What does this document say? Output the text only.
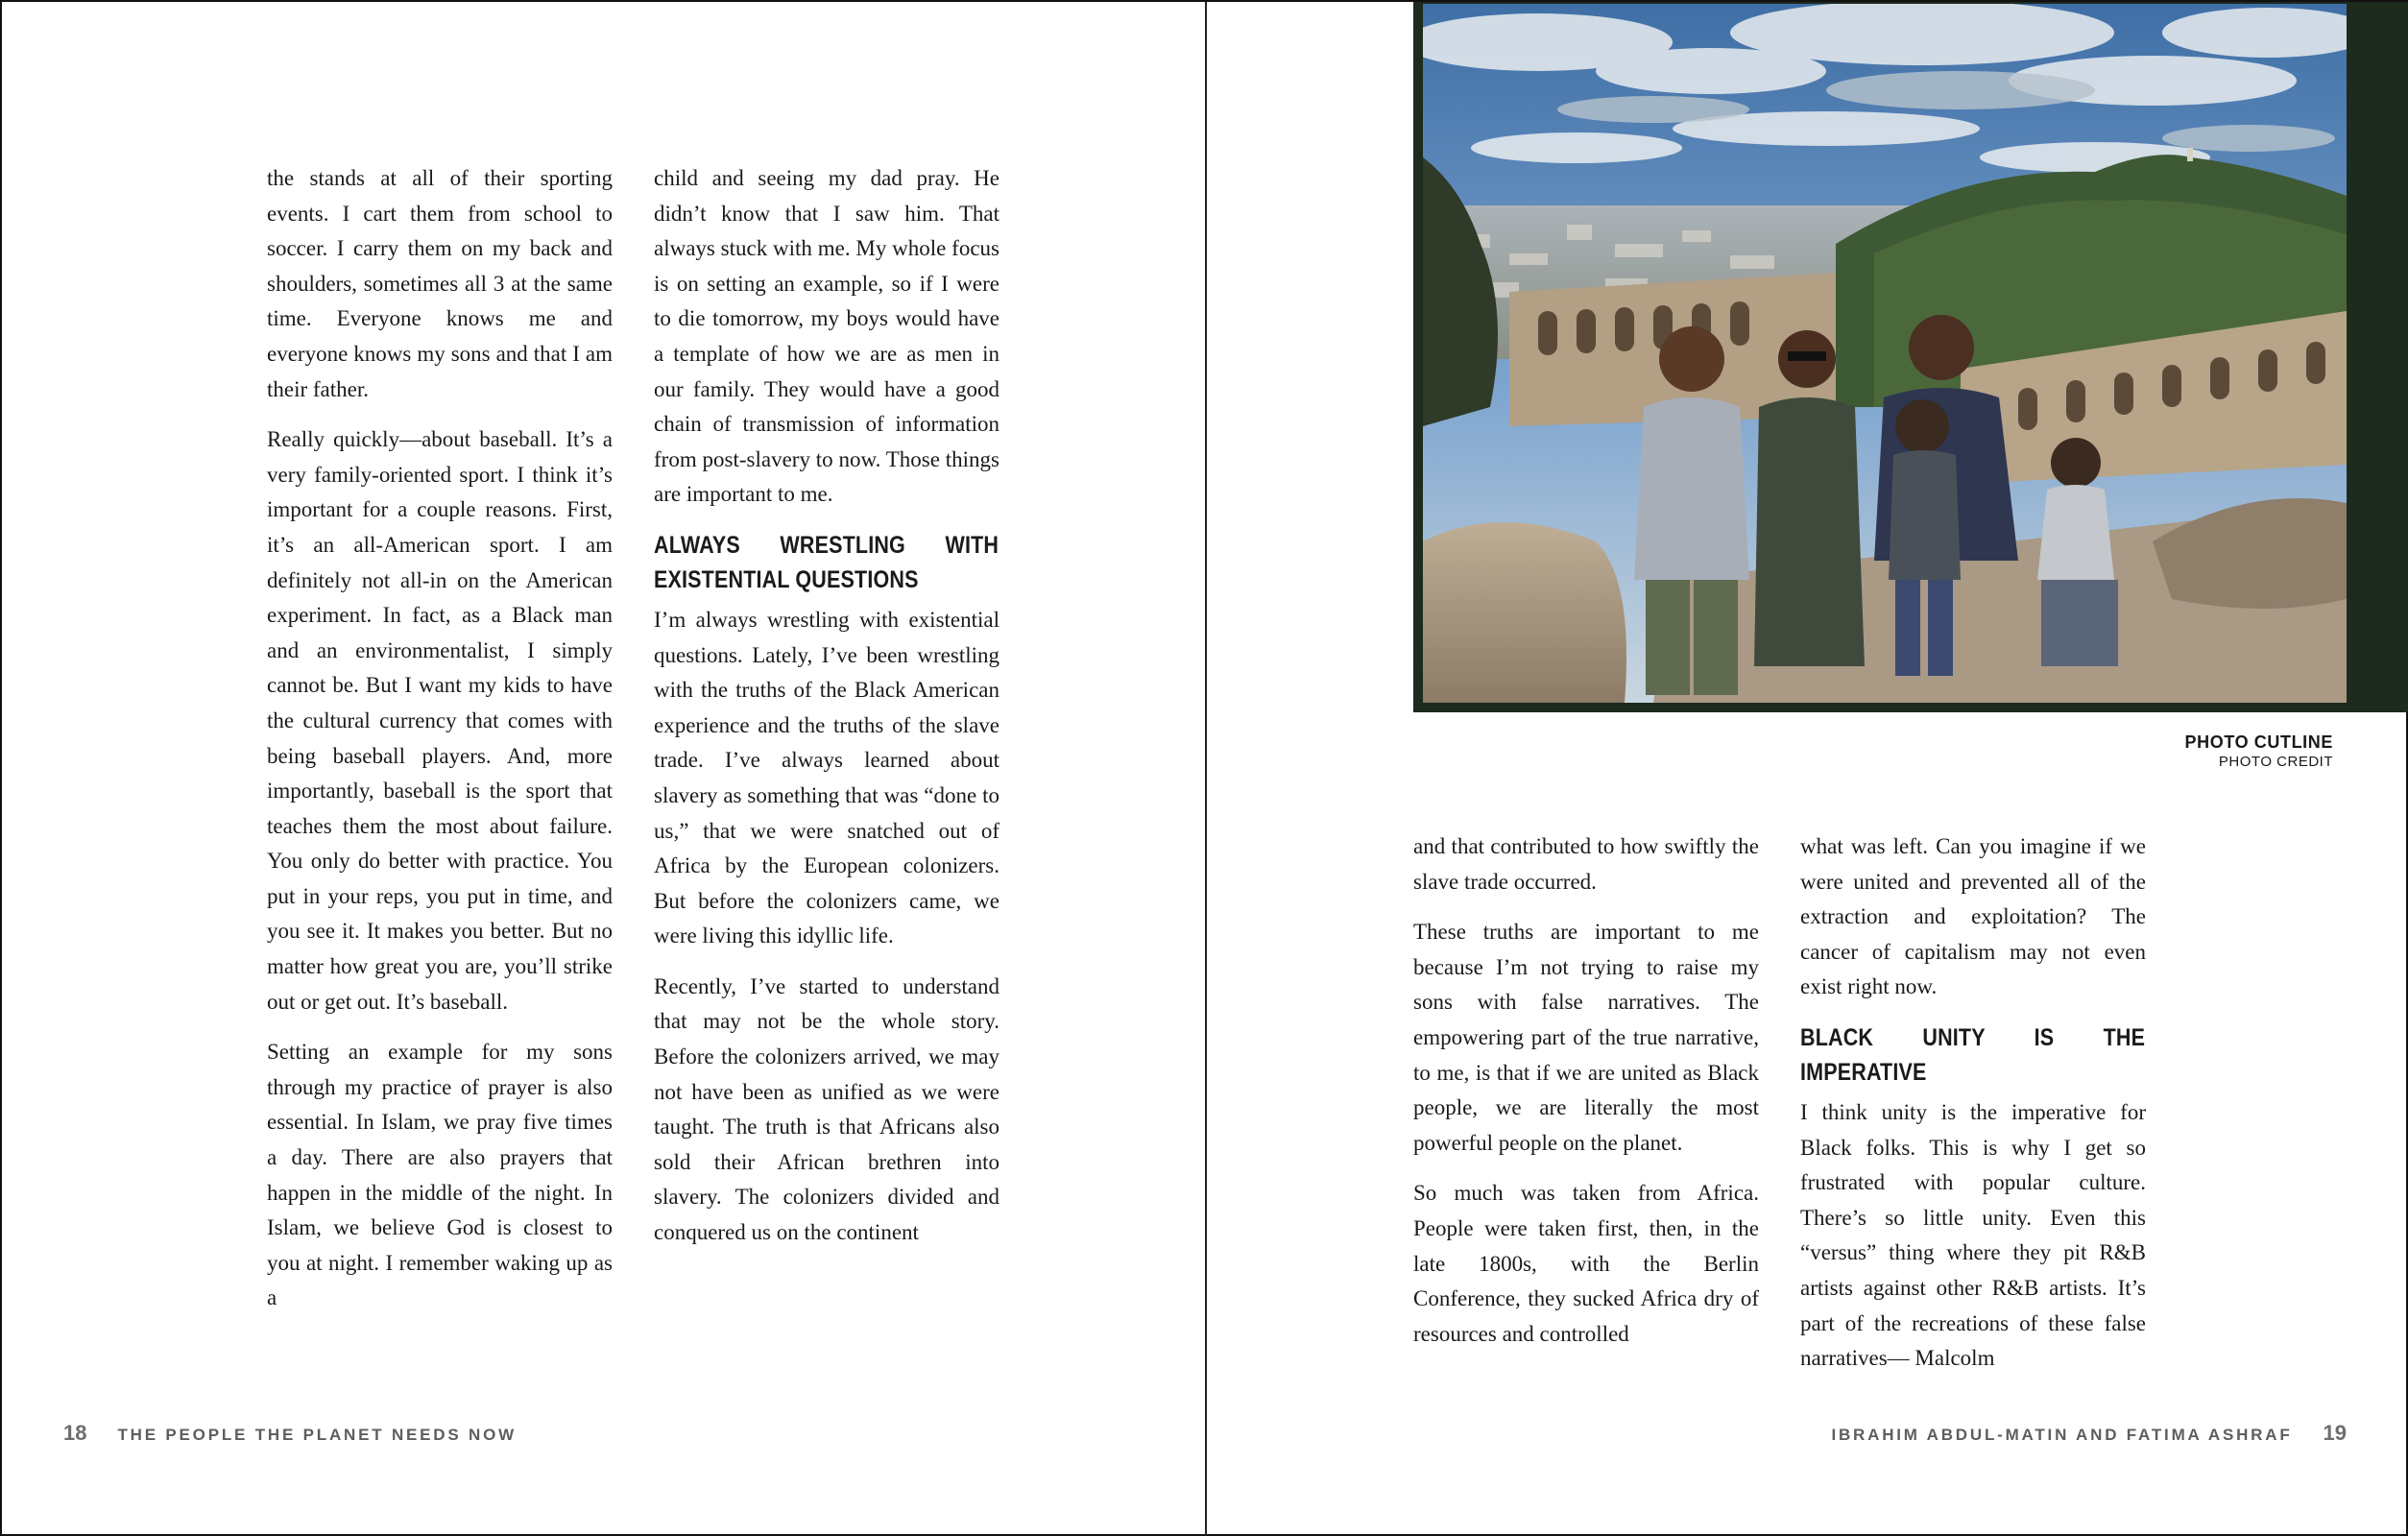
the stands at all of their sporting events. I cart them from school to soccer. I carry them on my back and shoulders, sometimes all 3 at the same time. Everyone knows me and everyone knows my sons and that I am their father.

Really quickly—about baseball. It’s a very family-oriented sport. I think it’s important for a couple reasons. First, it’s an all-American sport. I am definitely not all-in on the American experiment. In fact, as a Black man and an environmentalist, I simply cannot be. But I want my kids to have the cultural currency that comes with being baseball players. And, more importantly, baseball is the sport that teaches them the most about failure. You only do better with practice. You put in your reps, you put in time, and you see it. It makes you better. But no matter how great you are, you’ll strike out or get out. It’s baseball.

Setting an example for my sons through my practice of prayer is also essential. In Islam, we pray five times a day. There are also prayers that happen in the middle of the night. In Islam, we believe God is closest to you at night. I remember waking up as a

child and seeing my dad pray. He didn’t know that I saw him. That always stuck with me. My whole focus is on setting an example, so if I were to die tomorrow, my boys would have a template of how we are as men in our family. They would have a good chain of transmission of information from post-slavery to now. Those things are important to me.

ALWAYS WRESTLING WITH EXISTENTIAL QUESTIONS

I’m always wrestling with existential questions. Lately, I’ve been wrestling with the truths of the Black American experience and the truths of the slave trade. I’ve always learned about slavery as something that was “done to us,” that we were snatched out of Africa by the European colonizers. But before the colonizers came, we were living this idyllic life.

Recently, I’ve started to understand that may not be the whole story. Before the colonizers arrived, we may not have been as unified as we were taught. The truth is that Africans also sold their African brethren into slavery. The colonizers divided and conquered us on the continent

18 THE PEOPLE THE PLANET NEEDS NOW
PHOTO CUTLINE
PHOTO CREDIT

and that contributed to how swiftly the slave trade occurred.

These truths are important to me because I’m not trying to raise my sons with false narratives. The empowering part of the true narrative, to me, is that if we are united as Black people, we are literally the most powerful people on the planet.

So much was taken from Africa. People were taken first, then, in the late 1800s, with the Berlin Conference, they sucked Africa dry of resources and controlled

what was left. Can you imagine if we were united and prevented all of the extraction and exploitation? The cancer of capitalism may not even exist right now.

BLACK UNITY IS THE IMPERATIVE

I think unity is the imperative for Black folks. This is why I get so frustrated with popular culture. There’s so little unity. Even this “versus” thing where they pit R&B artists against other R&B artists. It’s part of the recreations of these false narratives— Malcolm

IBRAHIM ABDUL-MATIN AND FATIMA ASHRAF 19
